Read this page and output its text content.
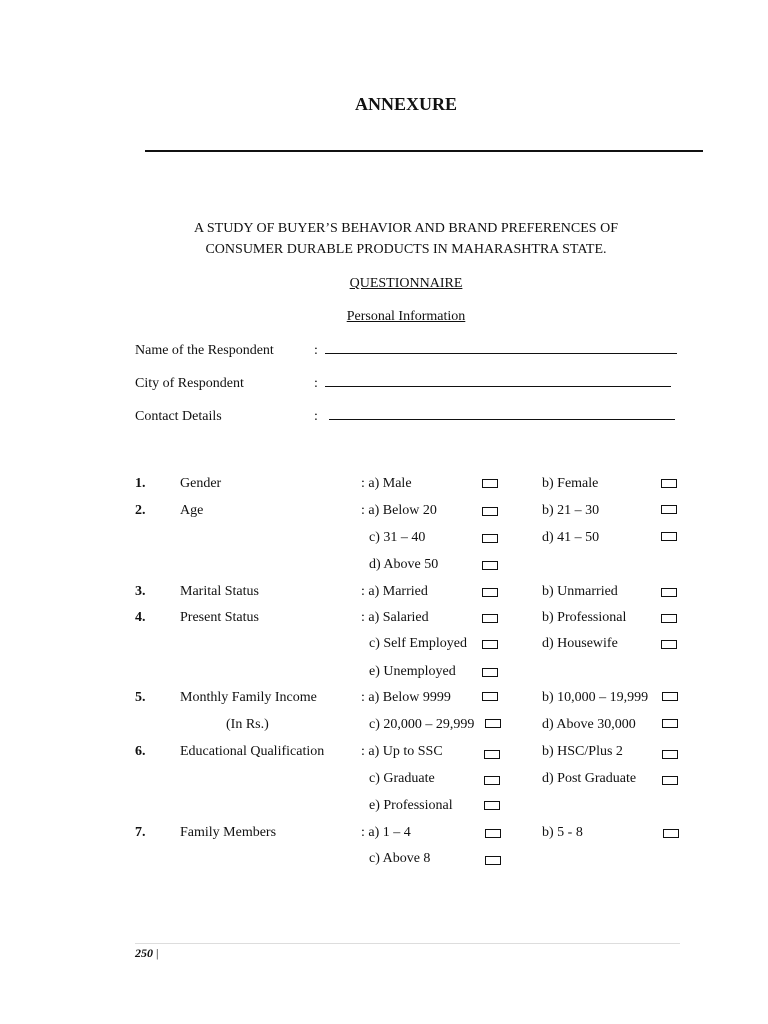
ANNEXURE
A STUDY OF BUYER’S BEHAVIOR AND BRAND PREFERENCES OF
CONSUMER DURABLE PRODUCTS IN MAHARASHTRA STATE.
QUESTIONNAIRE
Personal Information
Name of the Respondent	:
City of Respondent	:
Contact Details	:
1. Gender	: a) Male	b) Female
2. Age	: a) Below 20	b) 21 – 30
c) 31 – 40	d) 41 – 50
d) Above 50
3. Marital Status	: a) Married	b) Unmarried
4. Present Status	: a) Salaried	b) Professional
c) Self Employed	d) Housewife
e) Unemployed
5. Monthly Family Income	: a) Below 9999	b) 10,000 – 19,999
(In Rs.)	c) 20,000 – 29,999	d) Above 30,000
6. Educational Qualification	: a) Up to SSC	b) HSC/Plus 2
c) Graduate	d) Post Graduate
e) Professional
7. Family Members	: a) 1 – 4	b) 5 - 8
c) Above 8
250 |
